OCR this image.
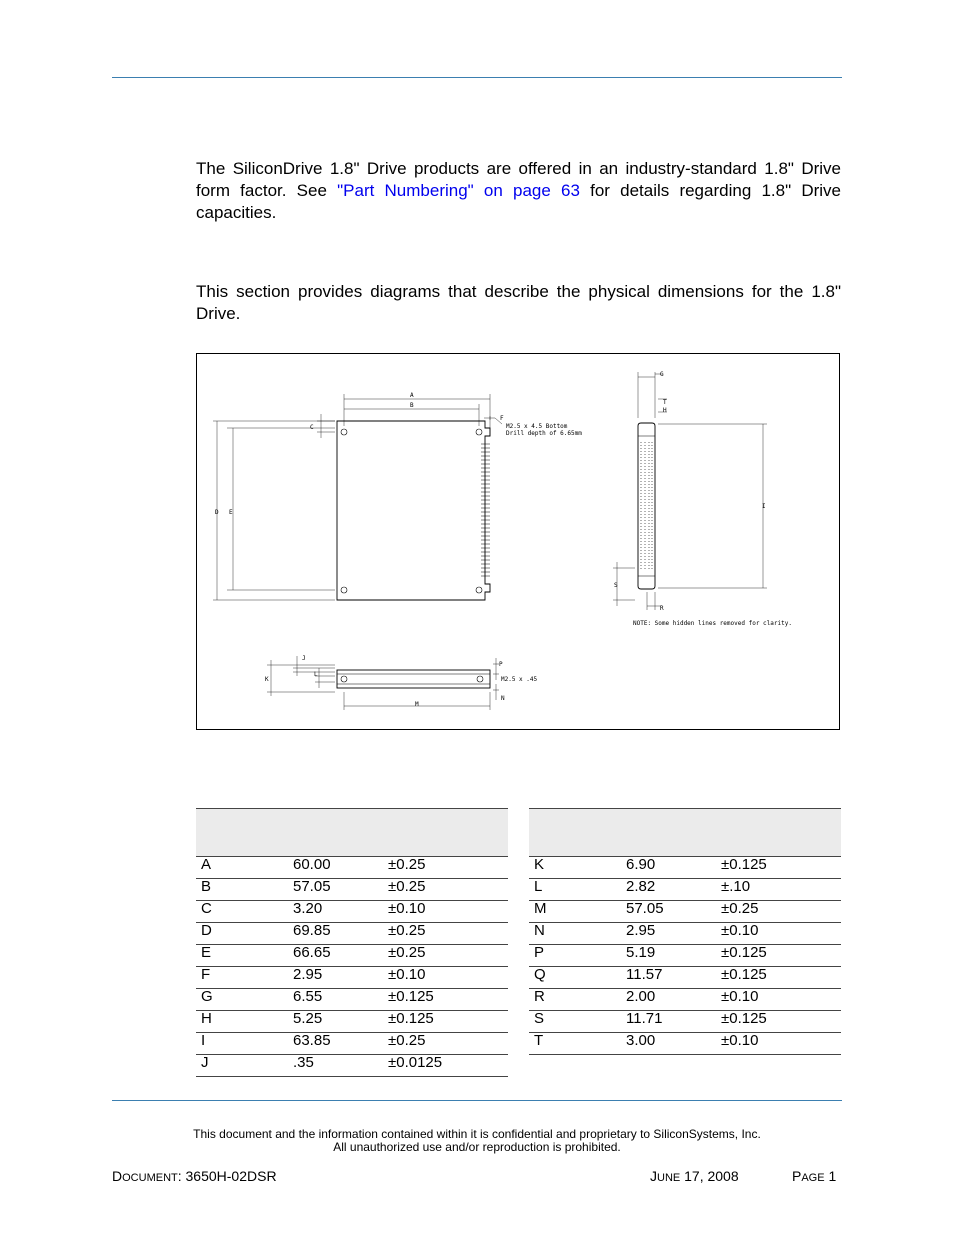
The SiliconDrive 1.8" Drive products are offered in an industry-standard 1.8" Drive form factor. See "Part Numbering" on page 63 for details regarding 1.8" Drive capacities.

This section provides diagrams that describe the physical dimensions for the 1.8" Drive.

A
B
C
D E
F
M2.5 x 4.5 Bottom
Drill depth of 6.65mm
G
T
H
I
S
R
NOTE: Some hidden lines removed for clarity.
J
K
L
P
M2.5 x .45
N
M

A	60.00	±0.25
B	57.05	±0.25
C	3.20	±0.10
D	69.85	±0.25
E	66.65	±0.25
F	2.95	±0.10
G	6.55	±0.125
H	5.25	±0.125
I	63.85	±0.25
J	.35	±0.0125

K	6.90	±0.125
L	2.82	±.10
M	57.05	±0.25
N	2.95	±0.10
P	5.19	±0.125
Q	11.57	±0.125
R	2.00	±0.10
S	11.71	±0.125
T	3.00	±0.10
This document and the information contained within it is confidential and proprietary to SiliconSystems, Inc.
All unauthorized use and/or reproduction is prohibited.
DOCUMENT: 3650H-02DSR	JUNE 17, 2008	PAGE 1
